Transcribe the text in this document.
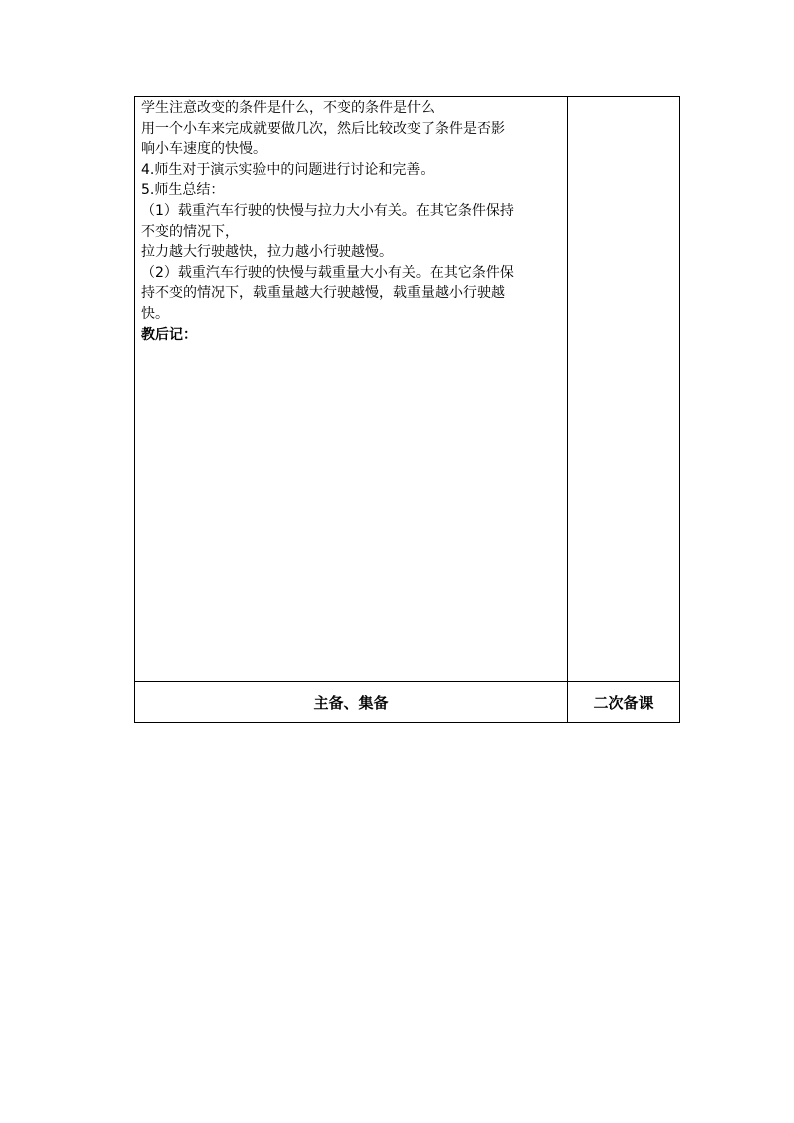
学生注意改变的条件是什么，不变的条件是什么

用一个小车来完成就要做几次，然后比较改变了条件是否影

响小车速度的快慢。

4.师生对于演示实验中的问题进行讨论和完善。

5.师生总结：

（1）载重汽车行驶的快慢与拉力大小有关。在其它条件保持

不变的情况下，

拉力越大行驶越快，拉力越小行驶越慢。

（2）载重汽车行驶的快慢与载重量大小有关。在其它条件保

持不变的情况下，载重量越大行驶越慢，载重量越小行驶越

快。

教后记：

主备、集备	二次备课
